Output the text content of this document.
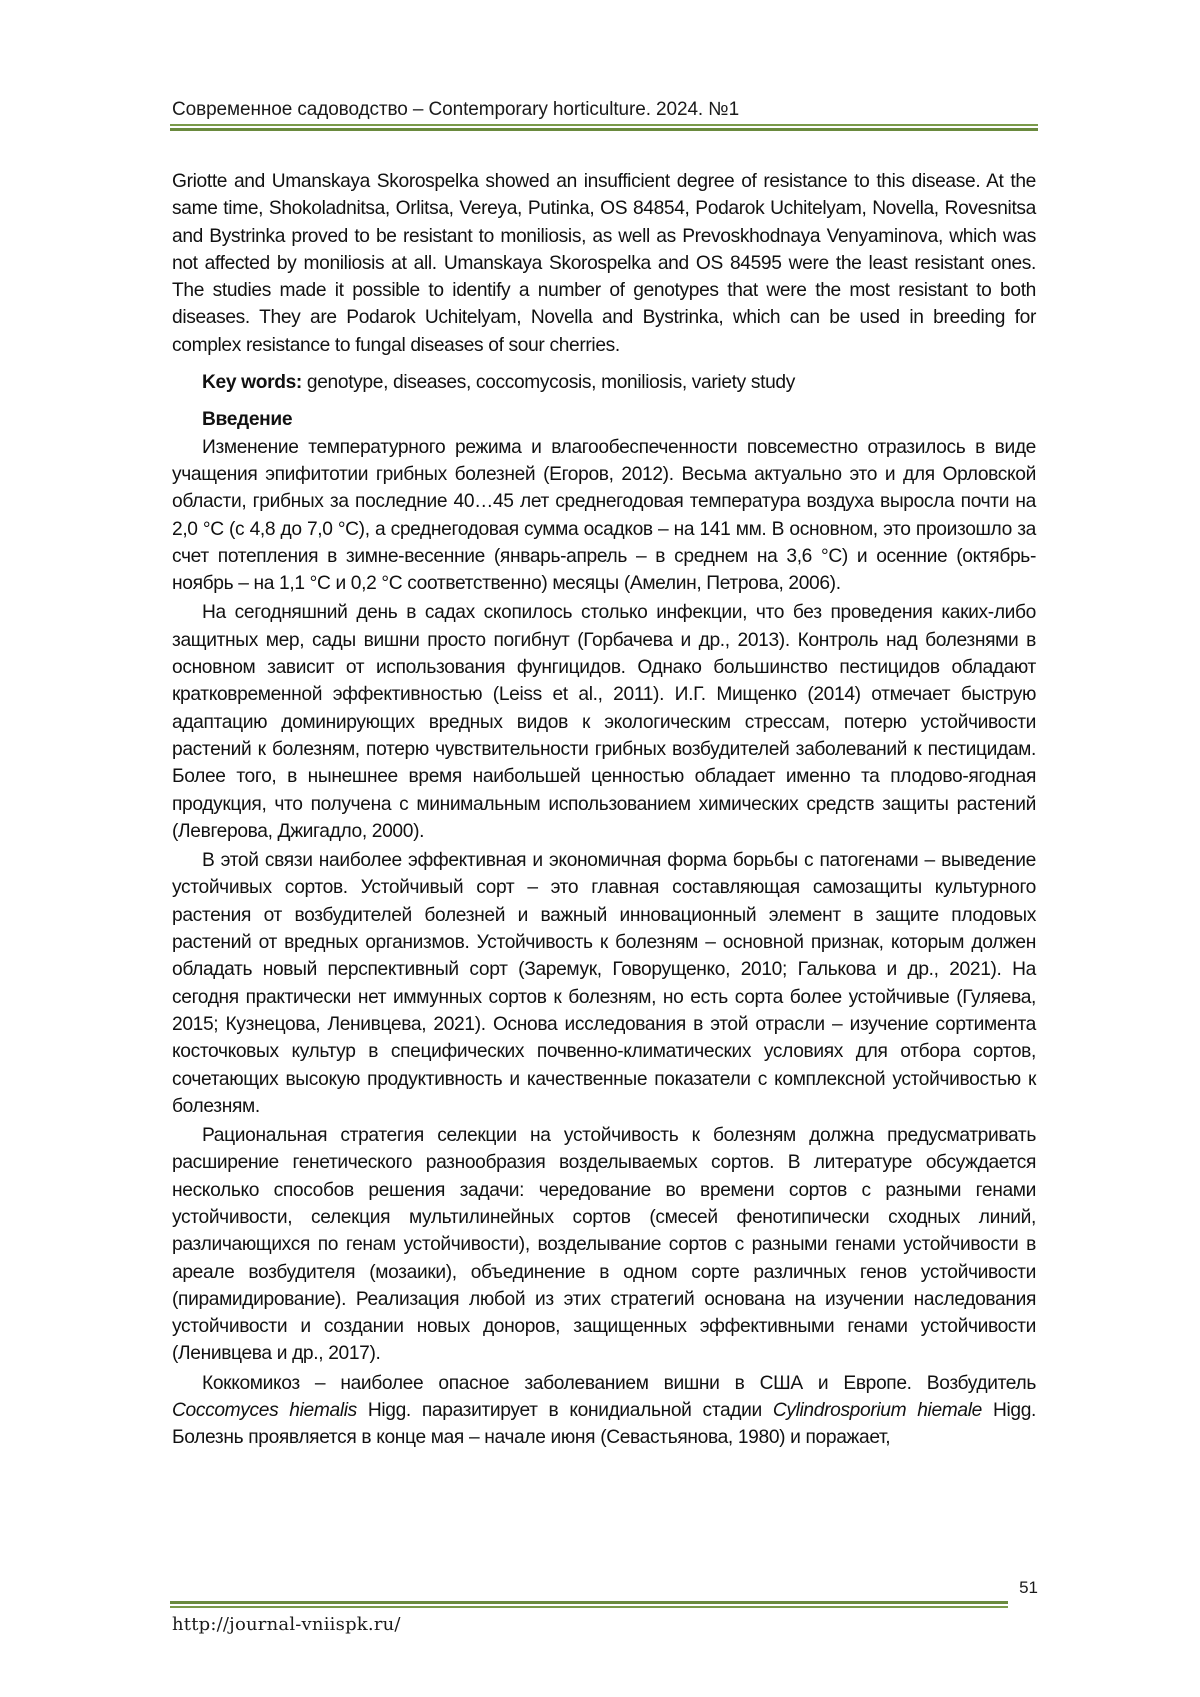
Современное садоводство – Contemporary horticulture. 2024. №1

Griotte and Umanskaya Skorospelka showed an insufficient degree of resistance to this disease. At the same time, Shokoladnitsa, Orlitsa, Vereya, Putinka, OS 84854, Podarok Uchitelyam, Novella, Rovesnitsa and Bystrinka proved to be resistant to moniliosis, as well as Prevoskhodnaya Venyaminova, which was not affected by moniliosis at all. Umanskaya Skorospelka and OS 84595 were the least resistant ones. The studies made it possible to identify a number of genotypes that were the most resistant to both diseases. They are Podarok Uchitelyam, Novella and Bystrinka, which can be used in breeding for complex resistance to fungal diseases of sour cherries.

Key words: genotype, diseases, coccomycosis, moniliosis, variety study

Введение

Изменение температурного режима и влагообеспеченности повсеместно отразилось в виде учащения эпифитотии грибных болезней (Егоров, 2012). Весьма актуально это и для Орловской области, грибных за последние 40…45 лет среднегодовая температура воздуха выросла почти на 2,0 °С (с 4,8 до 7,0 °С), а среднегодовая сумма осадков – на 141 мм. В основном, это произошло за счет потепления в зимне-весенние (январь-апрель – в среднем на 3,6 °С) и осенние (октябрь-ноябрь – на 1,1 °С и 0,2 °С соответственно) месяцы (Амелин, Петрова, 2006).

На сегодняшний день в садах скопилось столько инфекции, что без проведения каких-либо защитных мер, сады вишни просто погибнут (Горбачева и др., 2013). Контроль над болезнями в основном зависит от использования фунгицидов. Однако большинство пестицидов обладают кратковременной эффективностью (Leiss et al., 2011). И.Г. Мищенко (2014) отмечает быструю адаптацию доминирующих вредных видов к экологическим стрессам, потерю устойчивости растений к болезням, потерю чувствительности грибных возбудителей заболеваний к пестицидам. Более того, в нынешнее время наибольшей ценностью обладает именно та плодово-ягодная продукция, что получена с минимальным использованием химических средств защиты растений (Левгерова, Джигадло, 2000).

В этой связи наиболее эффективная и экономичная форма борьбы с патогенами – выведение устойчивых сортов. Устойчивый сорт – это главная составляющая самозащиты культурного растения от возбудителей болезней и важный инновационный элемент в защите плодовых растений от вредных организмов. Устойчивость к болезням – основной признак, которым должен обладать новый перспективный сорт (Заремук, Говорущенко, 2010; Галькова и др., 2021). На сегодня практически нет иммунных сортов к болезням, но есть сорта более устойчивые (Гуляева, 2015; Кузнецова, Ленивцева, 2021). Основа исследования в этой отрасли – изучение сортимента косточковых культур в специфических почвенно-климатических условиях для отбора сортов, сочетающих высокую продуктивность и качественные показатели с комплексной устойчивостью к болезням.

Рациональная стратегия селекции на устойчивость к болезням должна предусматривать расширение генетического разнообразия возделываемых сортов. В литературе обсуждается несколько способов решения задачи: чередование во времени сортов с разными генами устойчивости, селекция мультилинейных сортов (смесей фенотипически сходных линий, различающихся по генам устойчивости), возделывание сортов с разными генами устойчивости в ареале возбудителя (мозаики), объединение в одном сорте различных генов устойчивости (пирамидирование). Реализация любой из этих стратегий основана на изучении наследования устойчивости и создании новых доноров, защищенных эффективными генами устойчивости (Ленивцева и др., 2017).

Коккомикоз – наиболее опасное заболеванием вишни в США и Европе. Возбудитель Coccomyces hiemalis Higg. паразитирует в конидиальной стадии Cylindrosporium hiemale Higg. Болезнь проявляется в конце мая – начале июня (Севастьянова, 1980) и поражает,

51
http://journal-vniispk.ru/
